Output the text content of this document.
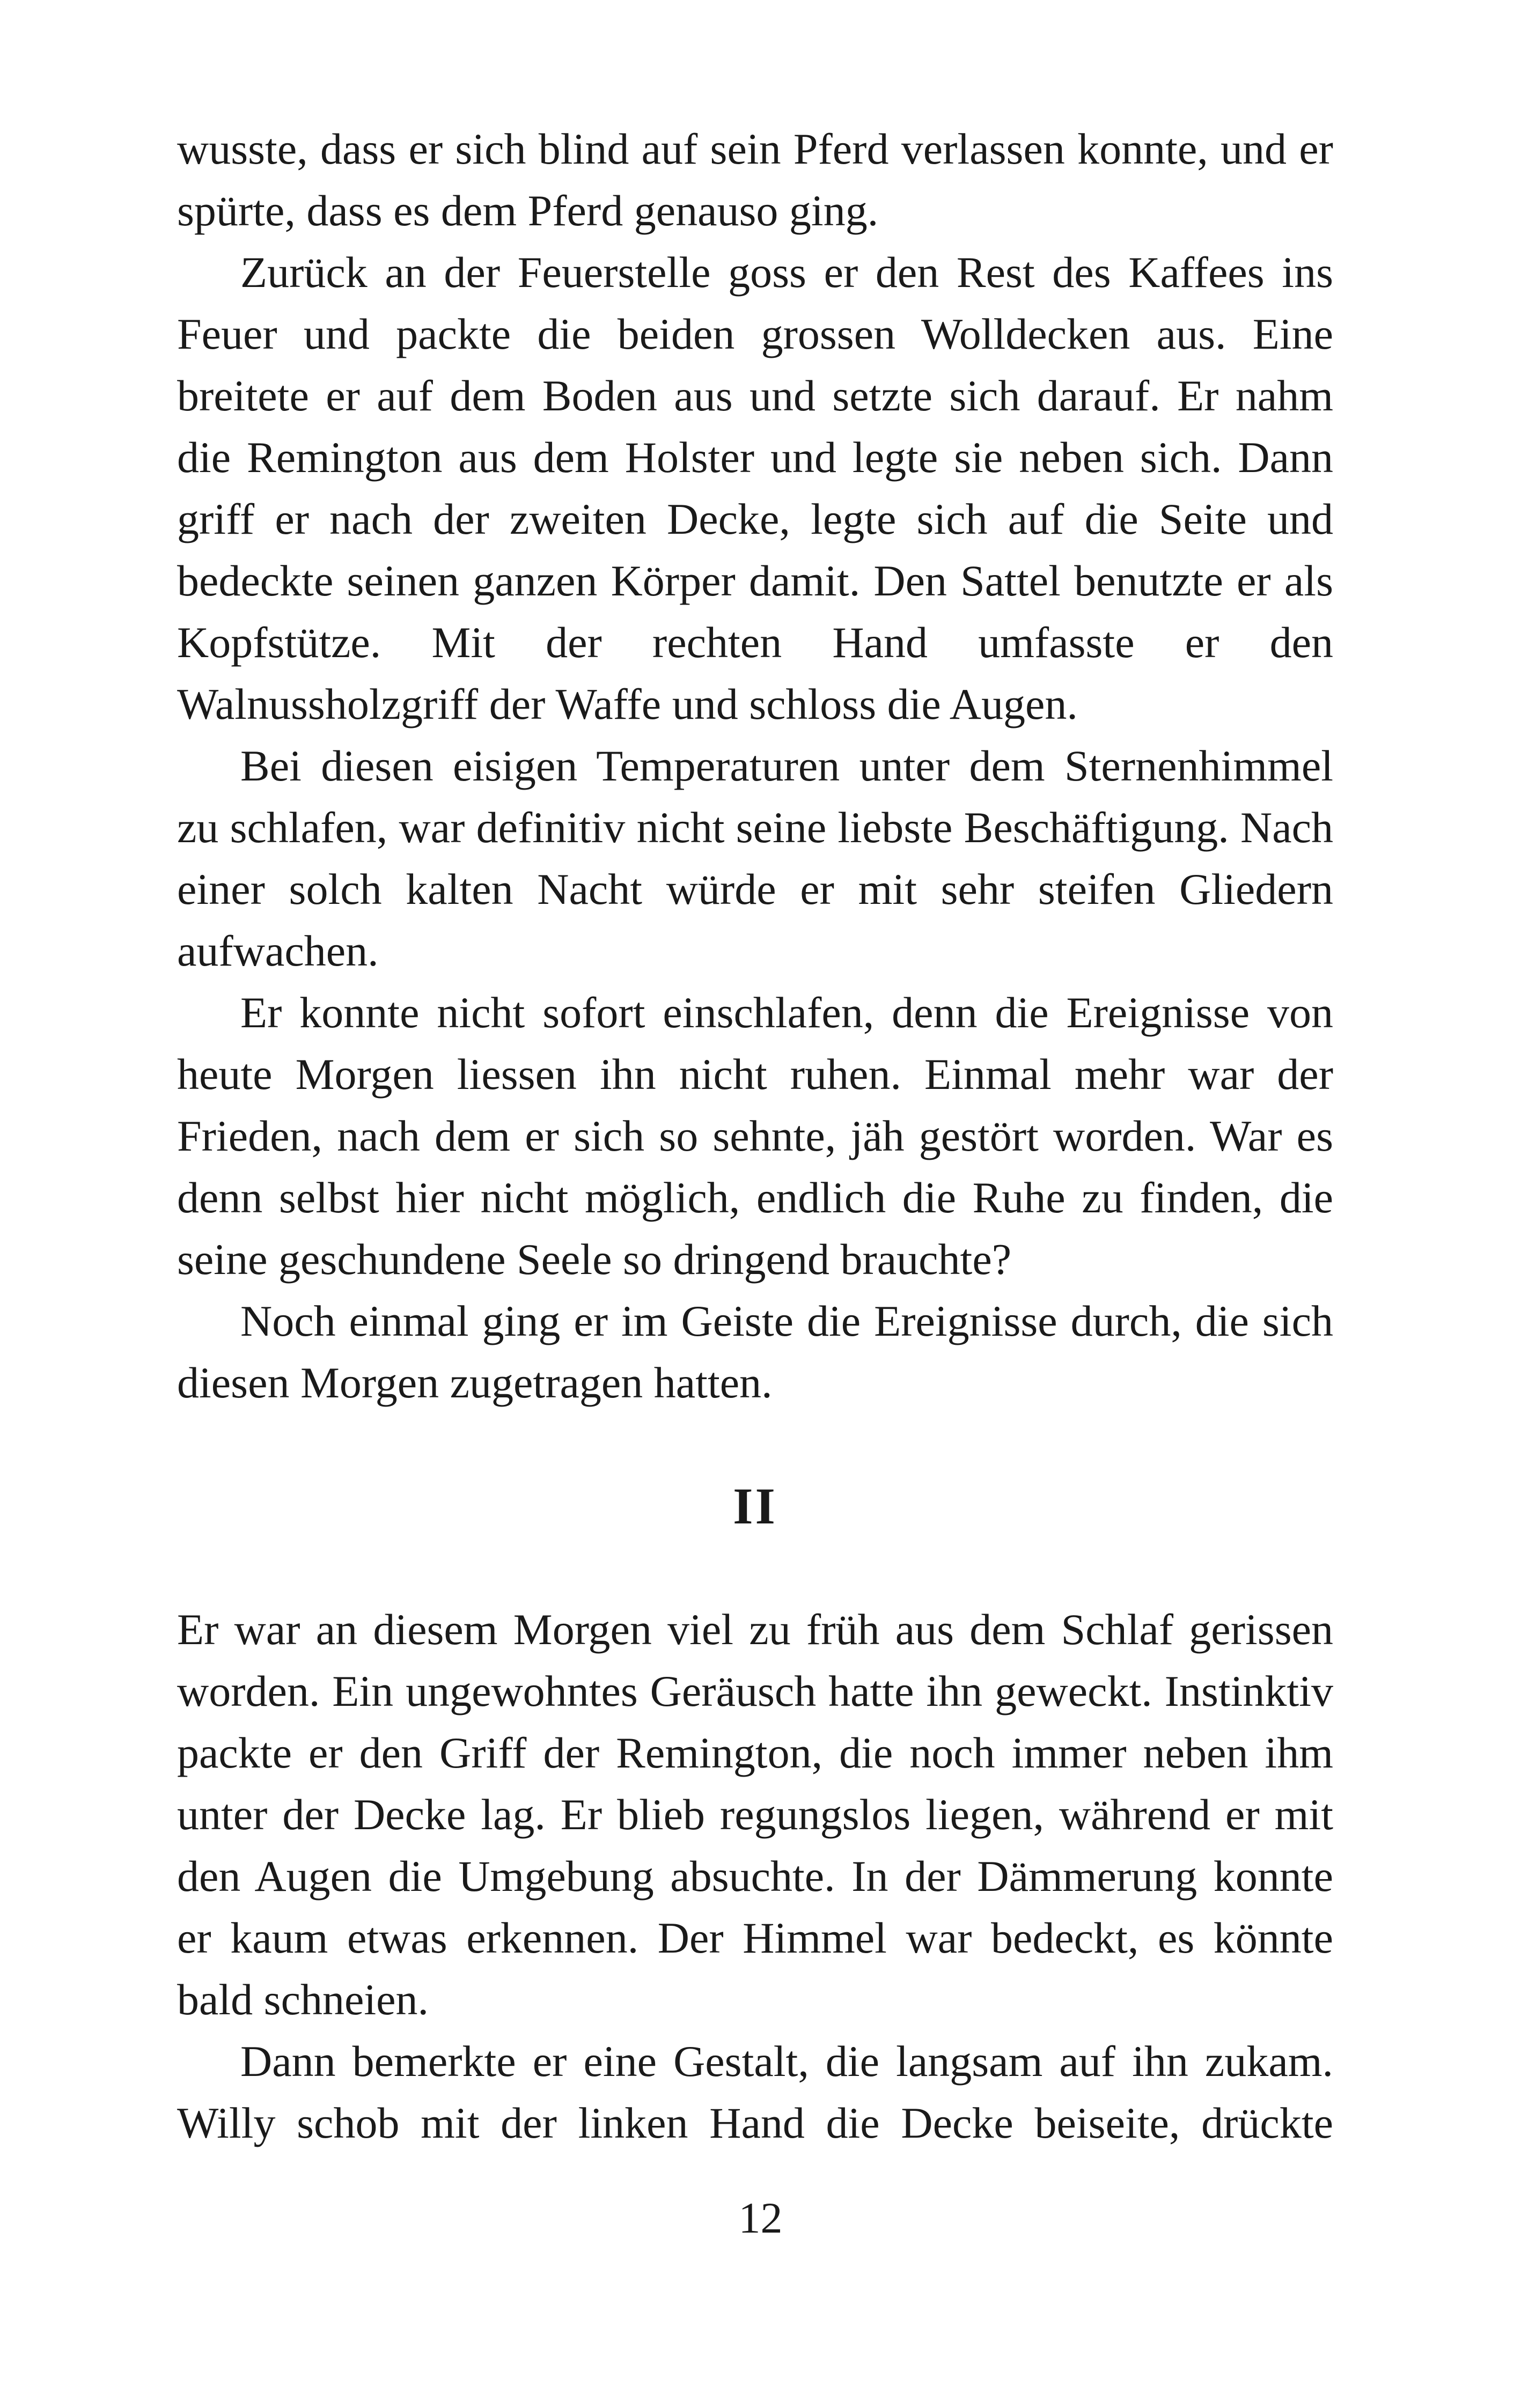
wusste, dass er sich blind auf sein Pferd verlassen konnte, und er spürte, dass es dem Pferd genauso ging.

Zurück an der Feuerstelle goss er den Rest des Kaffees ins Feuer und packte die beiden grossen Wolldecken aus. Eine breitete er auf dem Boden aus und setzte sich darauf. Er nahm die Remington aus dem Holster und legte sie neben sich. Dann griff er nach der zweiten Decke, legte sich auf die Seite und bedeckte seinen ganzen Körper damit. Den Sattel benutzte er als Kopfstütze. Mit der rechten Hand umfasste er den Walnussholzgriff der Waffe und schloss die Augen.

Bei diesen eisigen Temperaturen unter dem Sternenhimmel zu schlafen, war definitiv nicht seine liebste Beschäftigung. Nach einer solch kalten Nacht würde er mit sehr steifen Gliedern aufwachen.

Er konnte nicht sofort einschlafen, denn die Ereignisse von heute Morgen liessen ihn nicht ruhen. Einmal mehr war der Frieden, nach dem er sich so sehnte, jäh gestört worden. War es denn selbst hier nicht möglich, endlich die Ruhe zu finden, die seine geschundene Seele so dringend brauchte?

Noch einmal ging er im Geiste die Ereignisse durch, die sich diesen Morgen zugetragen hatten.

II

Er war an diesem Morgen viel zu früh aus dem Schlaf gerissen worden. Ein ungewohntes Geräusch hatte ihn geweckt. Instinktiv packte er den Griff der Remington, die noch immer neben ihm unter der Decke lag. Er blieb regungslos liegen, während er mit den Augen die Umgebung absuchte. In der Dämmerung konnte er kaum etwas erkennen. Der Himmel war bedeckt, es könnte bald schneien.

Dann bemerkte er eine Gestalt, die langsam auf ihn zukam. Willy schob mit der linken Hand die Decke beiseite, drückte

12
